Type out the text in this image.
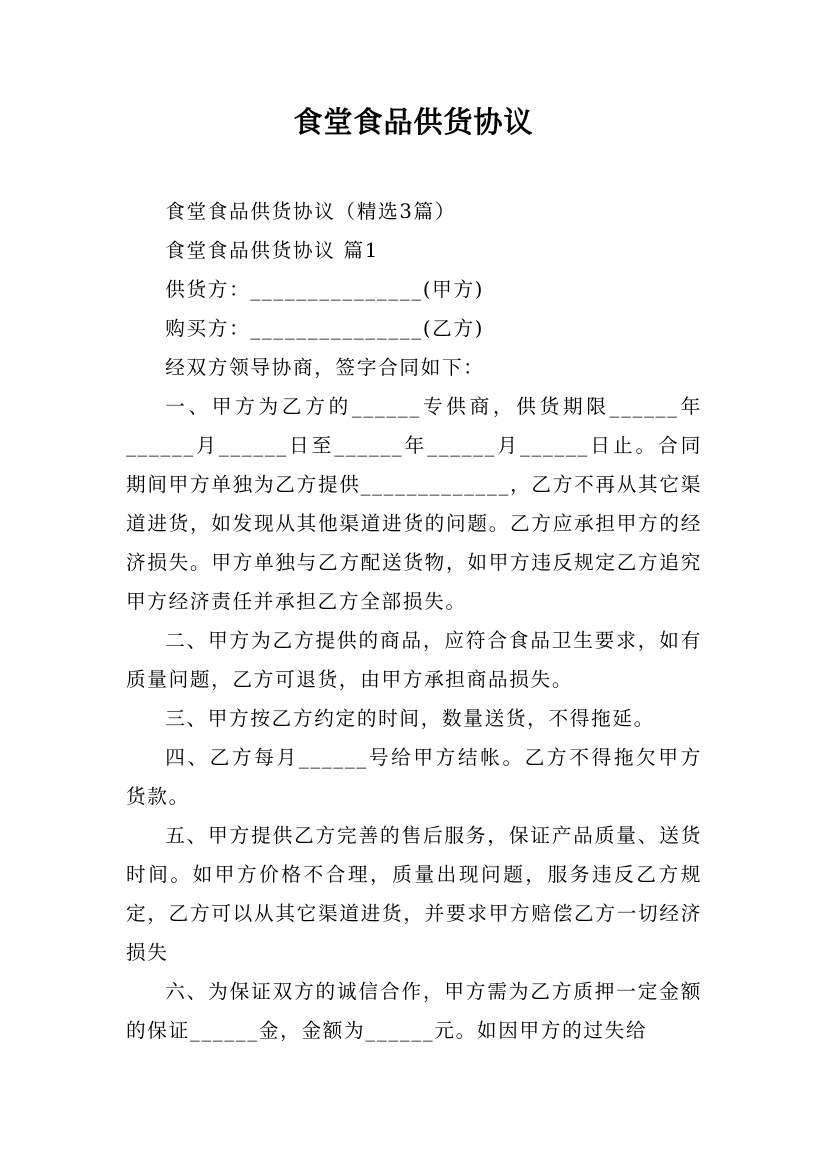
食堂食品供货协议

食堂食品供货协议（精选3篇）

食堂食品供货协议 篇1

供货方：_______________(甲方)

购买方：_______________(乙方)

经双方领导协商，签字合同如下：

一、甲方为乙方的______专供商，供货期限______年______月______日至______年______月______日止。合同期间甲方单独为乙方提供_____________，乙方不再从其它渠道进货，如发现从其他渠道进货的问题。乙方应承担甲方的经济损失。甲方单独与乙方配送货物，如甲方违反规定乙方追究甲方经济责任并承担乙方全部损失。

二、甲方为乙方提供的商品，应符合食品卫生要求，如有质量问题，乙方可退货，由甲方承担商品损失。

三、甲方按乙方约定的时间，数量送货，不得拖延。

四、乙方每月______号给甲方结帐。乙方不得拖欠甲方货款。

五、甲方提供乙方完善的售后服务，保证产品质量、送货时间。如甲方价格不合理，质量出现问题，服务违反乙方规定，乙方可以从其它渠道进货，并要求甲方赔偿乙方一切经济损失

六、为保证双方的诚信合作，甲方需为乙方质押一定金额的保证______金，金额为______元。如因甲方的过失给
